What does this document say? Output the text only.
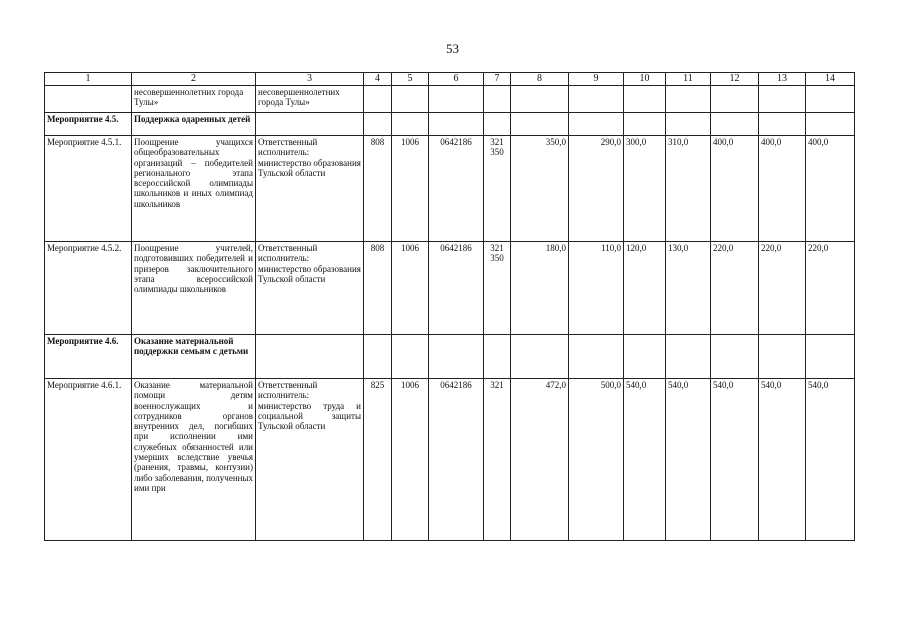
53
1	2	3	4	5	6	7	8	9	10	11	12	13	14
	несовершеннолетних города Тулы»	несовершеннолетних города Тулы»											
Мероприятие 4.5.	Поддержка одаренных детей												
Мероприятие 4.5.1.	Поощрение учащихся общеобразовательных организаций – победителей регионального этапа всероссийской олимпиады школьников и иных олимпиад школьников	Ответственный исполнитель: министерство образования Тульской области	808	1006	0642186	321 350	350,0	290,0	300,0	310,0	400,0	400,0	400,0
Мероприятие 4.5.2.	Поощрение учителей, подготовивших победителей и призеров заключительного этапа всероссийской олимпиады школьников	Ответственный исполнитель: министерство образования Тульской области	808	1006	0642186	321 350	180,0	110,0	120,0	130,0	220,0	220,0	220,0
Мероприятие 4.6.	Оказание материальной поддержки семьям с детьми												
Мероприятие 4.6.1.	Оказание материальной помощи детям военнослужащих и сотрудников органов внутренних дел, погибших при исполнении ими служебных обязанностей или умерших вследствие увечья (ранения, травмы, контузии) либо заболевания, полученных ими при	Ответственный исполнитель: министерство труда и социальной защиты Тульской области	825	1006	0642186	321	472,0	500,0	540,0	540,0	540,0	540,0	540,0
